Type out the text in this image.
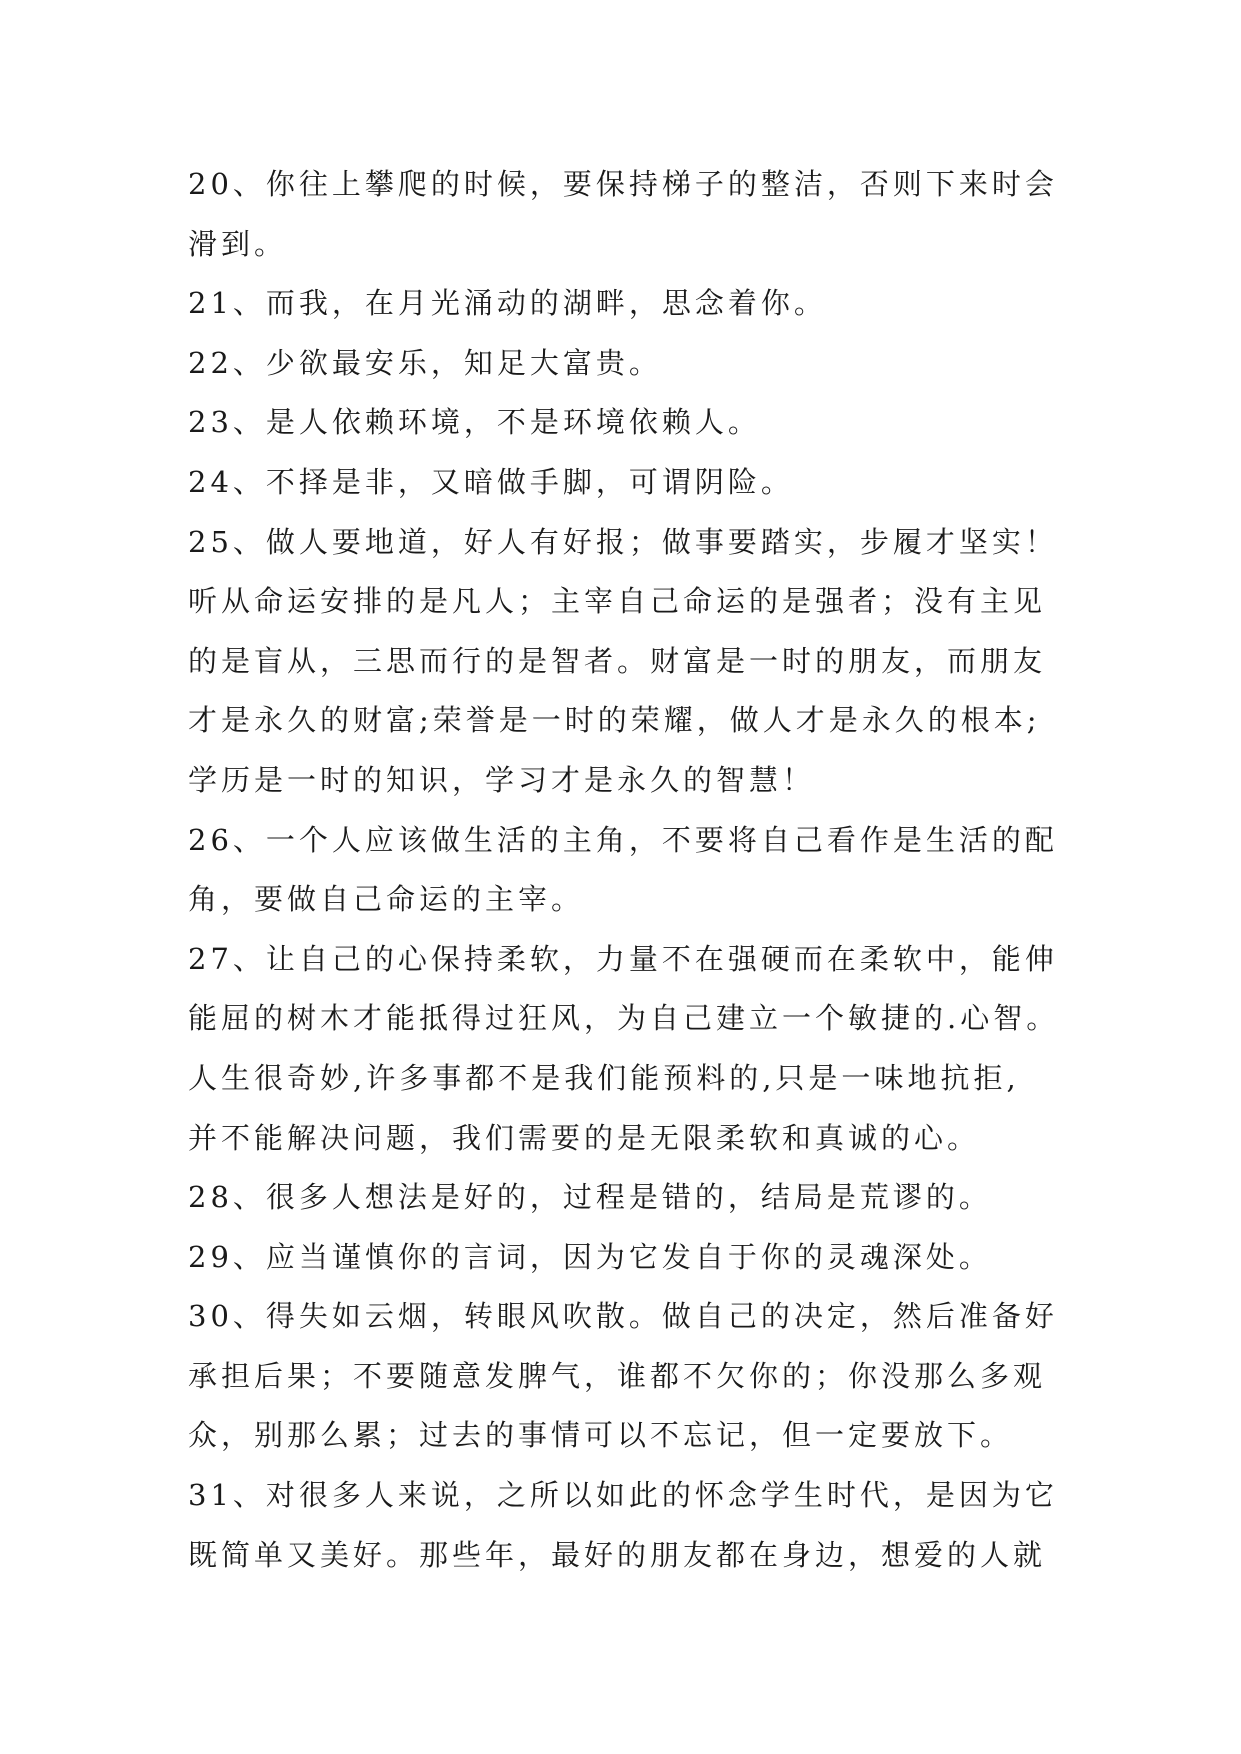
20、你往上攀爬的时候，要保持梯子的整洁，否则下来时会
滑到。
21、而我，在月光涌动的湖畔，思念着你。
22、少欲最安乐，知足大富贵。
23、是人依赖环境，不是环境依赖人。
24、不择是非，又暗做手脚，可谓阴险。
25、做人要地道，好人有好报；做事要踏实，步履才坚实！
听从命运安排的是凡人；主宰自己命运的是强者；没有主见
的是盲从，三思而行的是智者。财富是一时的朋友，而朋友
才是永久的财富;荣誉是一时的荣耀，做人才是永久的根本;
学历是一时的知识，学习才是永久的智慧！
26、一个人应该做生活的主角，不要将自己看作是生活的配
角，要做自己命运的主宰。
27、让自己的心保持柔软，力量不在强硬而在柔软中，能伸
能屈的树木才能抵得过狂风，为自己建立一个敏捷的.心智。
人生很奇妙,许多事都不是我们能预料的,只是一味地抗拒,
并不能解决问题，我们需要的是无限柔软和真诚的心。
28、很多人想法是好的，过程是错的，结局是荒谬的。
29、应当谨慎你的言词，因为它发自于你的灵魂深处。
30、得失如云烟，转眼风吹散。做自己的决定，然后准备好
承担后果；不要随意发脾气，谁都不欠你的；你没那么多观
众，别那么累；过去的事情可以不忘记，但一定要放下。
31、对很多人来说，之所以如此的怀念学生时代，是因为它
既简单又美好。那些年，最好的朋友都在身边，想爱的人就
